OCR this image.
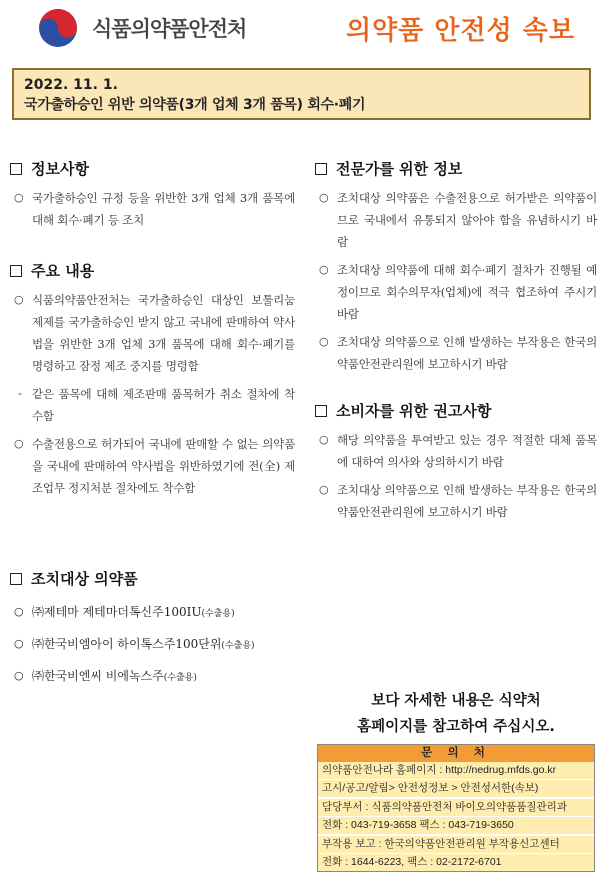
식품의약품안전처	의약품 안전성 속보
2022. 11. 1.
국가출하승인 위반 의약품(3개 업체 3개 품목) 회수·폐기
정보사항
○ 국가출하승인 규정 등을 위반한 3개 업체 3개 품목에 대해 회수·폐기 등 조치
주요 내용
○ 식품의약품안전처는 국가출하승인 대상인 보툴리눔 제제를 국가출하승인 받지 않고 국내에 판매하여 약사법을 위반한 3개 업체 3개 품목에 대해 회수·폐기를 명령하고 잠정 제조 중지를 명령함
- 같은 품목에 대해 제조판매 품목허가 취소 절차에 착수함
○ 수출전용으로 허가되어 국내에 판매할 수 없는 의약품을 국내에 판매하여 약사법을 위반하였기에 전(全) 제조업무 정지처분 절차에도 착수함
조치대상 의약품
○ ㈜제테마 제테마더톡신주100IU(수출용)
○ ㈜한국비엠아이 하이톡스주100단위(수출용)
○ ㈜한국비엔씨 비에녹스주(수출용)
전문가를 위한 정보
○ 조치대상 의약품은 수출전용으로 허가받은 의약품이므로 국내에서 유통되지 않아야 함을 유념하시기 바람
○ 조치대상 의약품에 대해 회수·폐기 절차가 진행될 예정이므로 회수의무자(업체)에 적극 협조하여 주시기 바람
○ 조치대상 의약품으로 인해 발생하는 부작용은 한국의약품안전관리원에 보고하시기 바람
소비자를 위한 권고사항
○ 해당 의약품을 투여받고 있는 경우 적절한 대체 품목에 대하여 의사와 상의하시기 바람
○ 조치대상 의약품으로 인해 발생하는 부작용은 한국의약품안전관리원에 보고하시기 바람
보다 자세한 내용은 식약처
홈페이지를 참고하여 주십시오.
문 의 처
의약품안전나라 홈페이지 : http://nedrug.mfds.go.kr
고시/공고/알림> 안전성정보 > 안전성서한(속보)
담당부서 : 식품의약품안전처 바이오의약품품질관리과
전화 : 043-719-3658 팩스 : 043-719-3650
부작용 보고 : 한국의약품안전관리원 부작용신고센터
전화 : 1644-6223, 팩스 : 02-2172-6701
